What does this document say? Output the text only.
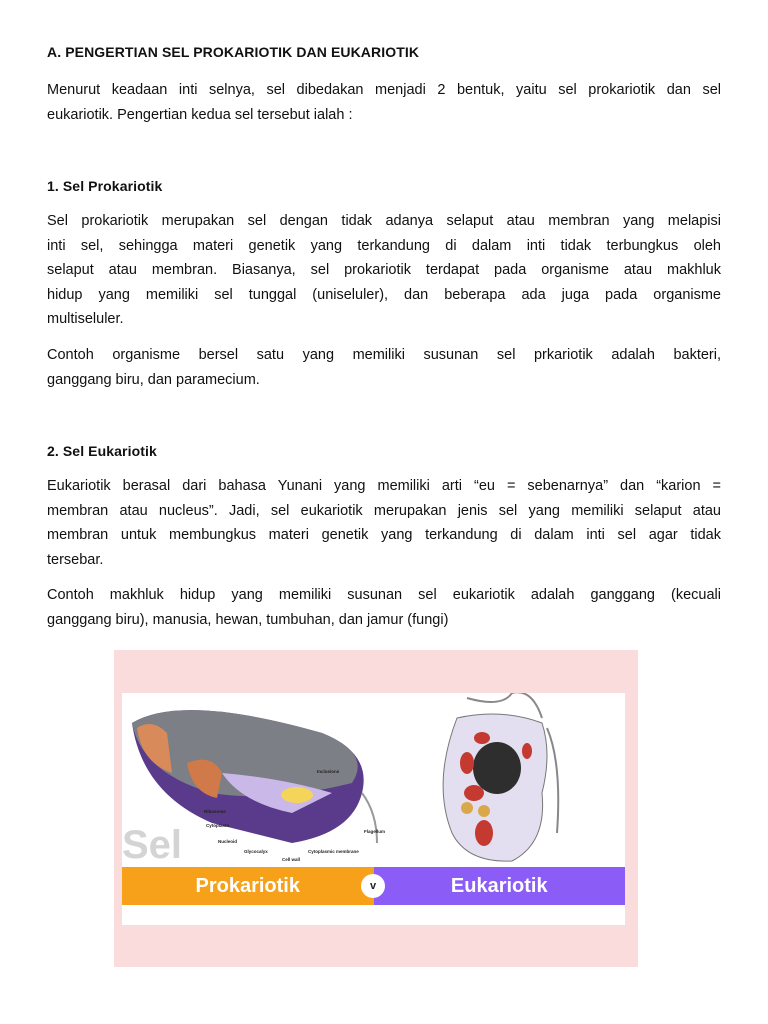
A. PENGERTIAN SEL PROKARIOTIK DAN EUKARIOTIK
Menurut keadaan inti selnya, sel dibedakan menjadi 2 bentuk, yaitu sel prokariotik dan sel
eukariotik. Pengertian kedua sel tersebut ialah :
1. Sel Prokariotik
Sel prokariotik merupakan sel dengan tidak adanya selaput atau membran yang melapisi
inti sel, sehingga materi genetik yang terkandung di dalam inti tidak terbungkus oleh
selaput atau membran. Biasanya, sel prokariotik terdapat pada organisme atau makhluk
hidup yang memiliki sel tunggal (uniseluler), dan beberapa ada juga pada organisme
multiseluler.
Contoh organisme bersel satu yang memiliki susunan sel prkariotik adalah bakteri,
ganggang biru, dan paramecium.
2. Sel Eukariotik
Eukariotik berasal dari bahasa Yunani yang memiliki arti “eu = sebenarnya” dan “karion =
membran atau nucleus”. Jadi, sel eukariotik merupakan jenis sel yang memiliki selaput atau
membran untuk membungkus materi genetik yang terkandung di dalam inti sel agar tidak
tersebar.
Contoh makhluk hidup yang memiliki susunan sel eukariotik adalah ganggang (kecuali
ganggang biru), manusia, hewan, tumbuhan, dan jamur (fungi)
Sel
Inclusions
Ribosome
Cytoplasm
Nucleoid
Glycocalyx
Cell wall
Cytoplasmic membrane
Flagellum
Prokariotik	Eukariotik
v
